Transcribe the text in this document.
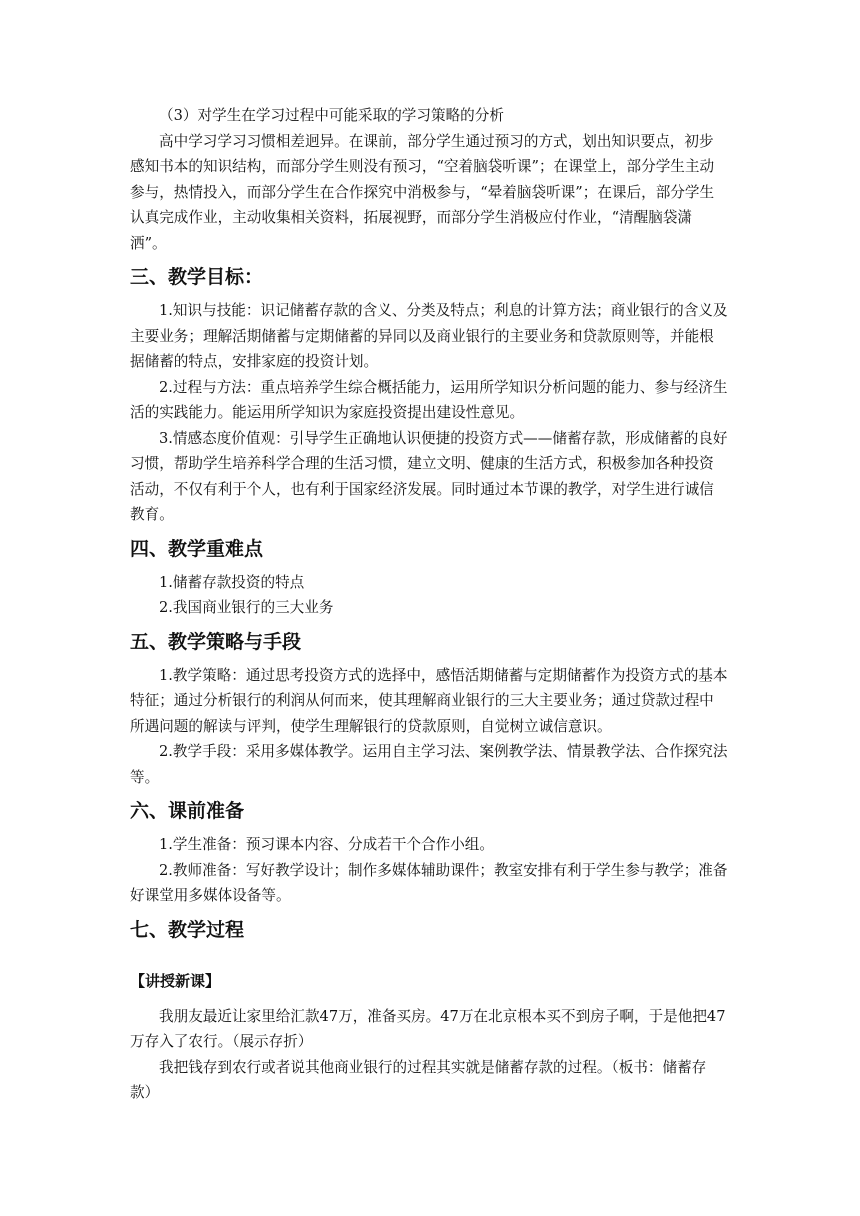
（3）对学生在学习过程中可能采取的学习策略的分析

高中学习学习习惯相差迥异。在课前，部分学生通过预习的方式，划出知识要点，初步感知书本的知识结构，而部分学生则没有预习，“空着脑袋听课”；在课堂上，部分学生主动参与，热情投入，而部分学生在合作探究中消极参与，“晕着脑袋听课”；在课后，部分学生认真完成作业，主动收集相关资料，拓展视野，而部分学生消极应付作业，“清醒脑袋潇洒”。

三、教学目标：

1.知识与技能：识记储蓄存款的含义、分类及特点；利息的计算方法；商业银行的含义及主要业务；理解活期储蓄与定期储蓄的异同以及商业银行的主要业务和贷款原则等，并能根据储蓄的特点，安排家庭的投资计划。

2.过程与方法：重点培养学生综合概括能力，运用所学知识分析问题的能力、参与经济生活的实践能力。能运用所学知识为家庭投资提出建设性意见。

3.情感态度价值观：引导学生正确地认识便捷的投资方式——储蓄存款，形成储蓄的良好习惯，帮助学生培养科学合理的生活习惯，建立文明、健康的生活方式，积极参加各种投资活动，不仅有利于个人，也有利于国家经济发展。同时通过本节课的教学，对学生进行诚信教育。

四、教学重难点

1.储蓄存款投资的特点

2.我国商业银行的三大业务

五、教学策略与手段

1.教学策略：通过思考投资方式的选择中，感悟活期储蓄与定期储蓄作为投资方式的基本特征；通过分析银行的利润从何而来，使其理解商业银行的三大主要业务；通过贷款过程中所遇问题的解读与评判，使学生理解银行的贷款原则，自觉树立诚信意识。

2.教学手段：采用多媒体教学。运用自主学习法、案例教学法、情景教学法、合作探究法等。

六、课前准备

1.学生准备：预习课本内容、分成若干个合作小组。

2.教师准备：写好教学设计；制作多媒体辅助课件；教室安排有利于学生参与教学；准备好课堂用多媒体设备等。

七、教学过程
【讲授新课】

我朋友最近让家里给汇款47万，准备买房。47万在北京根本买不到房子啊，于是他把47万存入了农行。（展示存折）

我把钱存到农行或者说其他商业银行的过程其实就是储蓄存款的过程。（板书：储蓄存款）
